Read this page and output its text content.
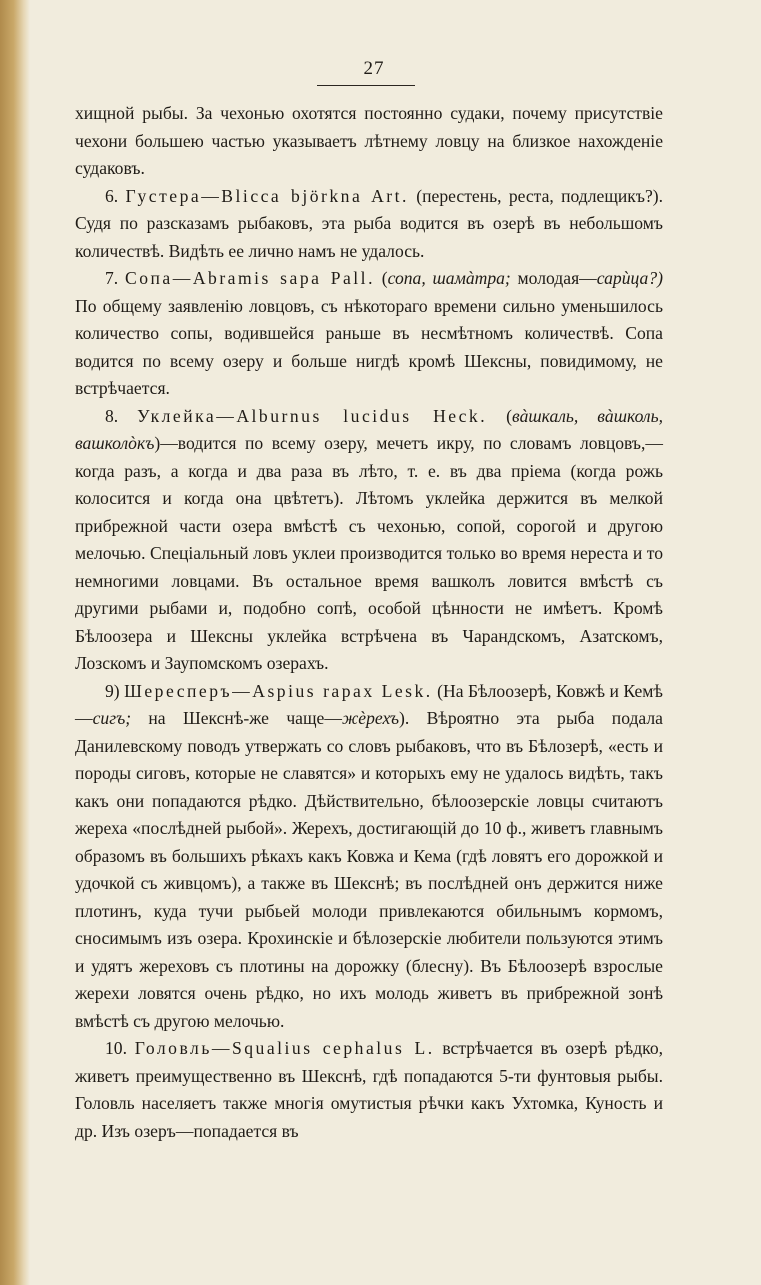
27

хищной рыбы. За чехонью охотятся постоянно судаки, почему присутствіе чехони большею частью указываетъ лѣтнему ловцу на близкое нахожденіе судаковъ.

6. Густера—Blicca björkna Art. (перестень, реста, подлещикъ?). Судя по разсказамъ рыбаковъ, эта рыба водится въ озерѣ въ небольшомъ количествѣ. Видѣть ее лично намъ не удалось.

7. Сопа—Abramis sapa Pall. (сопа, шамàтра; молодая—сарùца?) По общему заявленію ловцовъ, съ нѣкотораго времени сильно уменьшилось количество сопы, водившейся раньше въ несмѣтномъ количествѣ. Сопа водится по всему озеру и больше нигдѣ кромѣ Шексны, повидимому, не встрѣчается.

8. Уклейка—Alburnus lucidus Heck. (вàшкаль, вàшколь, вашколòкъ)—водится по всему озеру, мечетъ икру, по словамъ ловцовъ,—когда разъ, а когда и два раза въ лѣто, т. е. въ два пріема (когда рожь колосится и когда она цвѣтетъ). Лѣтомъ уклейка держится въ мелкой прибрежной части озера вмѣстѣ съ чехонью, сопой, сорогой и другою мелочью. Спеціальный ловъ уклеи производится только во время нереста и то немногими ловцами. Въ остальное время вашколъ ловится вмѣстѣ съ другими рыбами и, подобно сопѣ, особой цѣнности не имѣетъ. Кромѣ Бѣлоозера и Шексны уклейка встрѣчена въ Чарандскомъ, Азатскомъ, Лозскомъ и Заупомскомъ озерахъ.

9) Шересперъ—Aspius rapax Lesk. (На Бѣлоозерѣ, Ковжѣ и Кемѣ—сигъ; на Шекснѣ-же чаще—жèрехъ). Вѣроятно эта рыба подала Данилевскому поводъ утвержать со словъ рыбаковъ, что въ Бѣлозерѣ, «есть и породы сиговъ, которые не славятся» и которыхъ ему не удалось видѣть, такъ какъ они попадаются рѣдко. Дѣйствительно, бѣлоозерскіе ловцы считаютъ жереха «послѣдней рыбой». Жерехъ, достигающій до 10 ф., живетъ главнымъ образомъ въ большихъ рѣкахъ какъ Ковжа и Кема (гдѣ ловятъ его дорожкой и удочкой съ живцомъ), а также въ Шекснѣ; въ послѣдней онъ держится ниже плотинъ, куда тучи рыбьей молоди привлекаются обильнымъ кормомъ, сносимымъ изъ озера. Крохинскіе и бѣлозерскіе любители пользуются этимъ и удятъ жереховъ съ плотины на дорожку (блесну). Въ Бѣлоозерѣ взрослые жерехи ловятся очень рѣдко, но ихъ молодь живетъ въ прибрежной зонѣ вмѣстѣ съ другою мелочью.

10. Головль—Squalius cephalus L. встрѣчается въ озерѣ рѣдко, живетъ преимущественно въ Шекснѣ, гдѣ попадаются 5-ти фунтовыя рыбы. Головль населяетъ также многія омутистыя рѣчки какъ Ухтомка, Куность и др. Изъ озеръ—попадается въ
